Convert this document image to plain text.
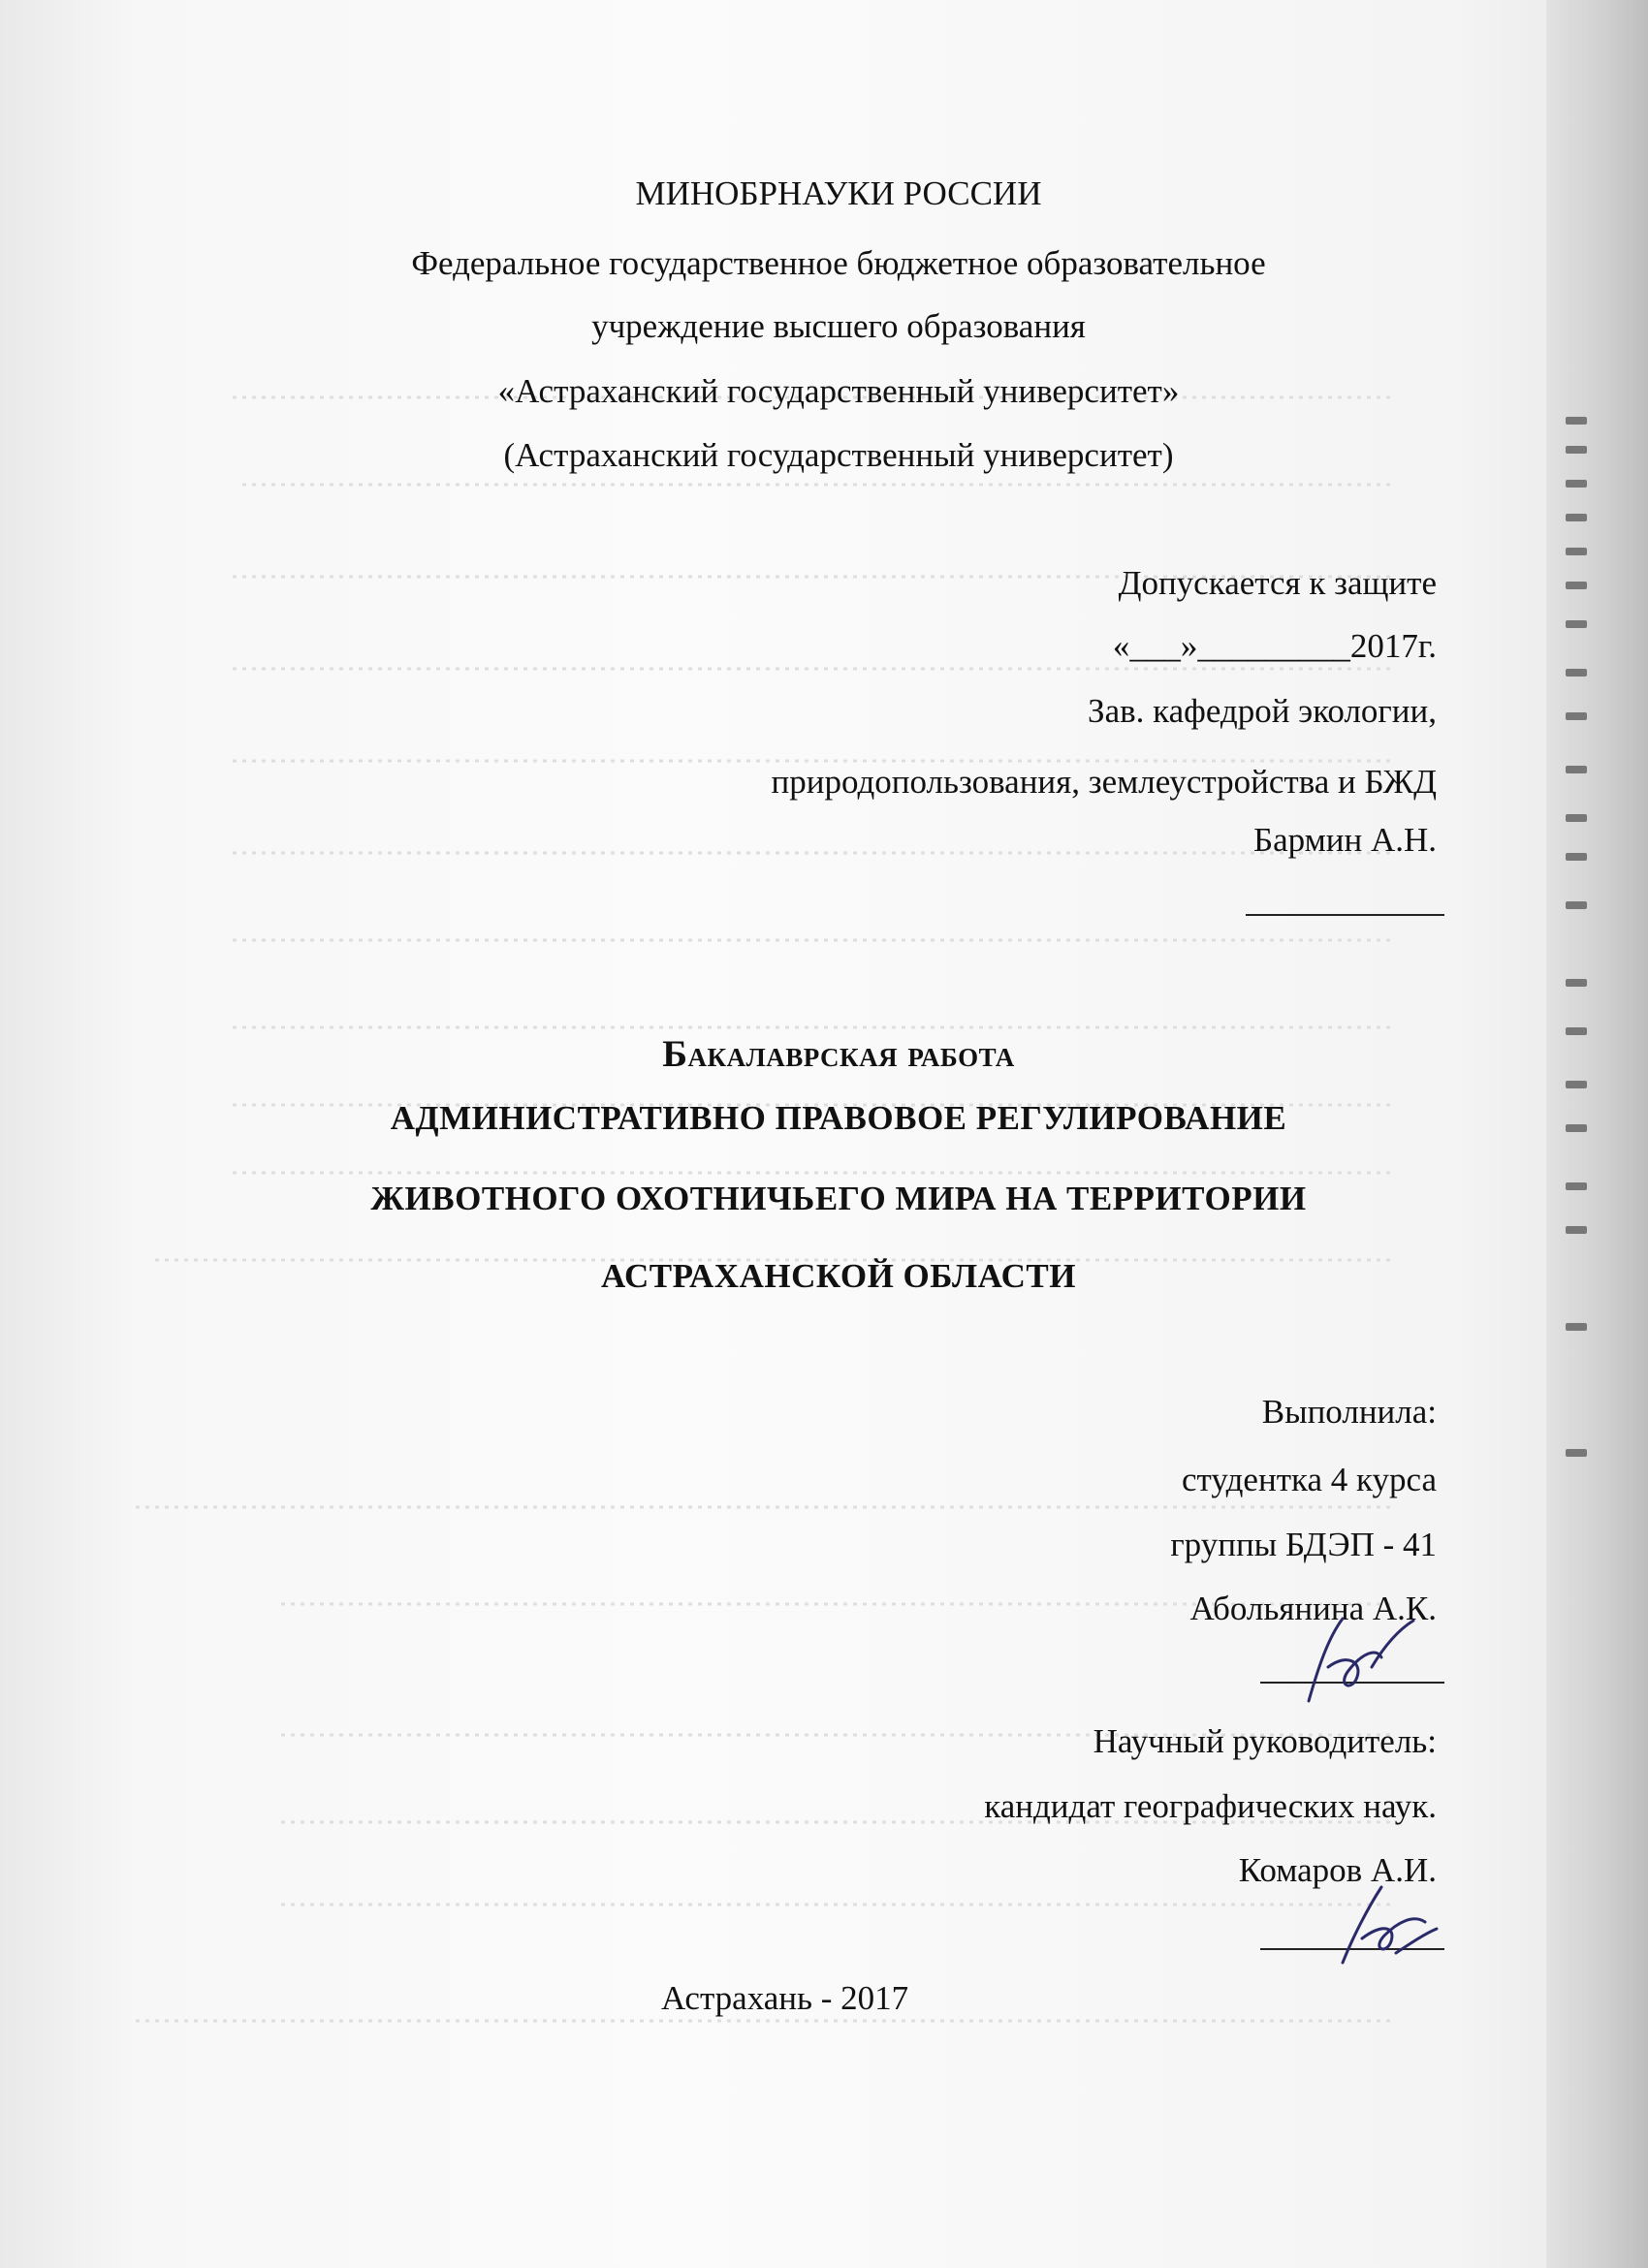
МИНОБРНАУКИ РОССИИ
Федеральное государственное бюджетное образовательное
учреждение высшего образования
«Астраханский государственный университет»
(Астраханский государственный университет)
Допускается к защите
«___»_________2017г.
Зав. кафедрой экологии,
природопользования, землеустройства и БЖД
Бармин А.Н.
Бакалаврская работа
АДМИНИСТРАТИВНО ПРАВОВОЕ РЕГУЛИРОВАНИЕ
ЖИВОТНОГО ОХОТНИЧЬЕГО МИРА НА ТЕРРИТОРИИ
АСТРАХАНСКОЙ ОБЛАСТИ
Выполнила:
студентка 4 курса
группы БДЭП - 41
Абольянина А.К.
Научный руководитель:
кандидат географических наук.
Комаров А.И.
Астрахань - 2017
